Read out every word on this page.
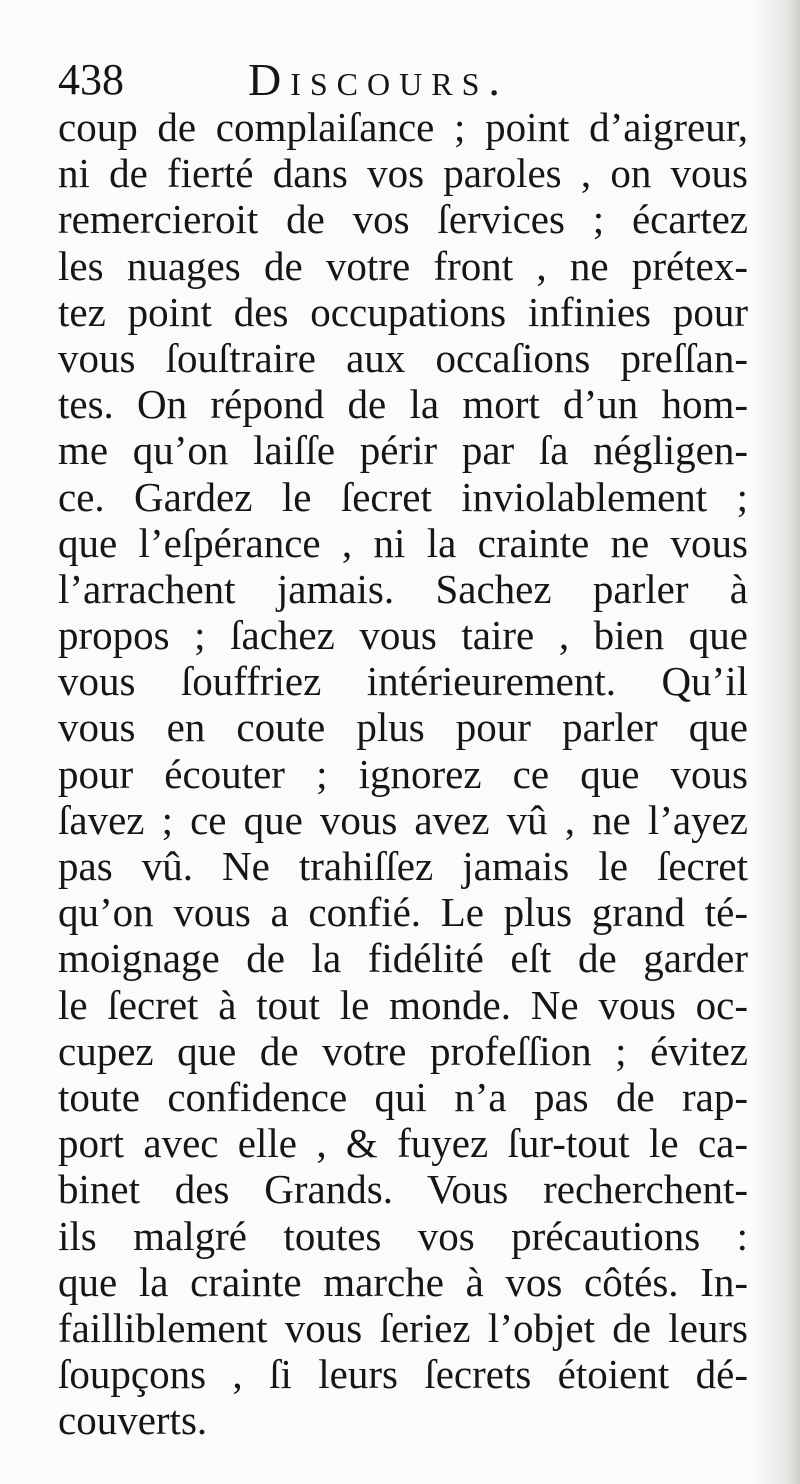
438	Discours.
coup de complaiſance ; point d’aigreur,
ni de fierté dans vos paroles , on vous
remercieroit de vos ſervices ; écartez
les nuages de votre front , ne prétex-
tez point des occupations infinies pour
vous ſouſtraire aux occaſions preſſan-
tes. On répond de la mort d’un hom-
me qu’on laiſſe périr par ſa négligen-
ce. Gardez le ſecret inviolablement ;
que l’eſpérance , ni la crainte ne vous
l’arrachent jamais. Sachez parler à
propos ; ſachez vous taire , bien que
vous ſouffriez intérieurement. Qu’il
vous en coute plus pour parler que
pour écouter ; ignorez ce que vous
ſavez ; ce que vous avez vû , ne l’ayez
pas vû. Ne trahiſſez jamais le ſecret
qu’on vous a confié. Le plus grand té-
moignage de la fidélité eſt de garder
le ſecret à tout le monde. Ne vous oc-
cupez que de votre profeſſion ; évitez
toute confidence qui n’a pas de rap-
port avec elle , & fuyez ſur-tout le ca-
binet des Grands. Vous recherchent-
ils malgré toutes vos précautions :
que la crainte marche à vos côtés. In-
failliblement vous ſeriez l’objet de leurs
ſoupçons , ſi leurs ſecrets étoient dé-
couverts.
